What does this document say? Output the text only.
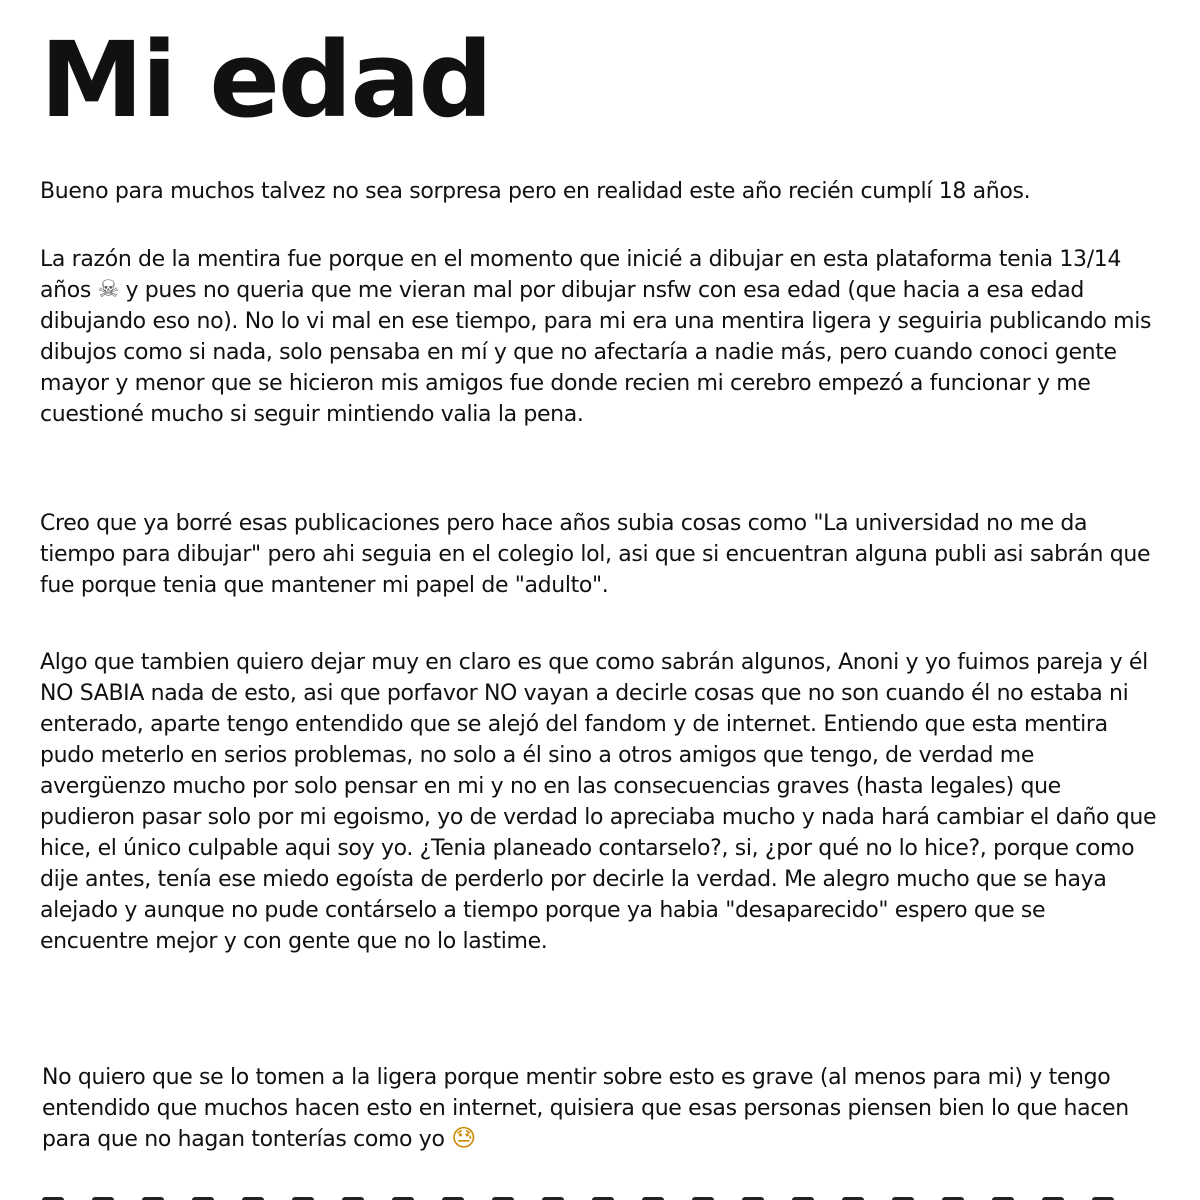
Mi edad

Bueno para muchos talvez no sea sorpresa pero en realidad este año recién cumplí 18 años.

La razón de la mentira fue porque en el momento que inicié a dibujar en esta plataforma tenia 13/14 años ☠ y pues no queria que me vieran mal por dibujar nsfw con esa edad (que hacia a esa edad dibujando eso no). No lo vi mal en ese tiempo, para mi era una mentira ligera y seguiria publicando mis dibujos como si nada, solo pensaba en mí y que no afectaría a nadie más, pero cuando conoci gente mayor y menor que se hicieron mis amigos fue donde recien mi cerebro empezó a funcionar y me cuestioné mucho si seguir mintiendo valia la pena.

Creo que ya borré esas publicaciones pero hace años subia cosas como "La universidad no me da tiempo para dibujar" pero ahi seguia en el colegio lol, asi que si encuentran alguna publi asi sabrán que fue porque tenia que mantener mi papel de "adulto".

Algo que tambien quiero dejar muy en claro es que como sabrán algunos, Anoni y yo fuimos pareja y él NO SABIA nada de esto, asi que porfavor NO vayan a decirle cosas que no son cuando él no estaba ni enterado, aparte tengo entendido que se alejó del fandom y de internet. Entiendo que esta mentira pudo meterlo en serios problemas, no solo a él sino a otros amigos que tengo, de verdad me avergüenzo mucho por solo pensar en mi y no en las consecuencias graves (hasta legales) que pudieron pasar solo por mi egoismo, yo de verdad lo apreciaba mucho y nada hará cambiar el daño que hice, el único culpable aqui soy yo. ¿Tenia planeado contarselo?, si, ¿por qué no lo hice?, porque como dije antes, tenía ese miedo egoísta de perderlo por decirle la verdad. Me alegro mucho que se haya alejado y aunque no pude contárselo a tiempo porque ya habia "desaparecido" espero que se encuentre mejor y con gente que no lo lastime.

No quiero que se lo tomen a la ligera porque mentir sobre esto es grave (al menos para mi) y tengo entendido que muchos hacen esto en internet, quisiera que esas personas piensen bien lo que hacen para que no hagan tonterías como yo 😓
